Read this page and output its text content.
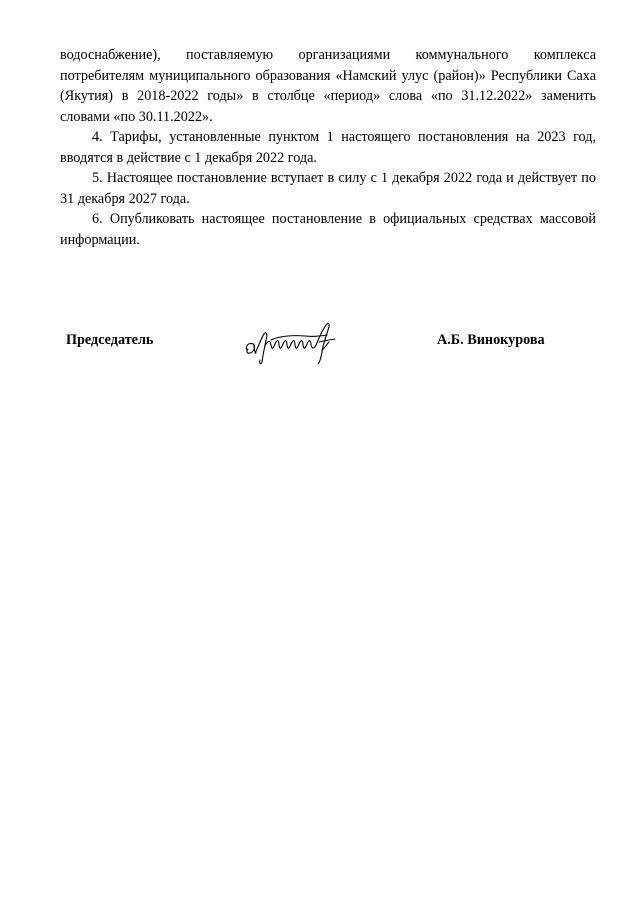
водоснабжение), поставляемую организациями коммунального комплекса потребителям муниципального образования «Намский улус (район)» Республики Саха (Якутия) в 2018-2022 годы» в столбце «период» слова «по 31.12.2022» заменить словами «по 30.11.2022».

4. Тарифы, установленные пунктом 1 настоящего постановления на 2023 год, вводятся в действие с 1 декабря 2022 года.

5. Настоящее постановление вступает в силу с 1 декабря 2022 года и действует по 31 декабря 2027 года.

6. Опубликовать настоящее постановление в официальных средствах массовой информации.

Председатель	А.Б. Винокурова
